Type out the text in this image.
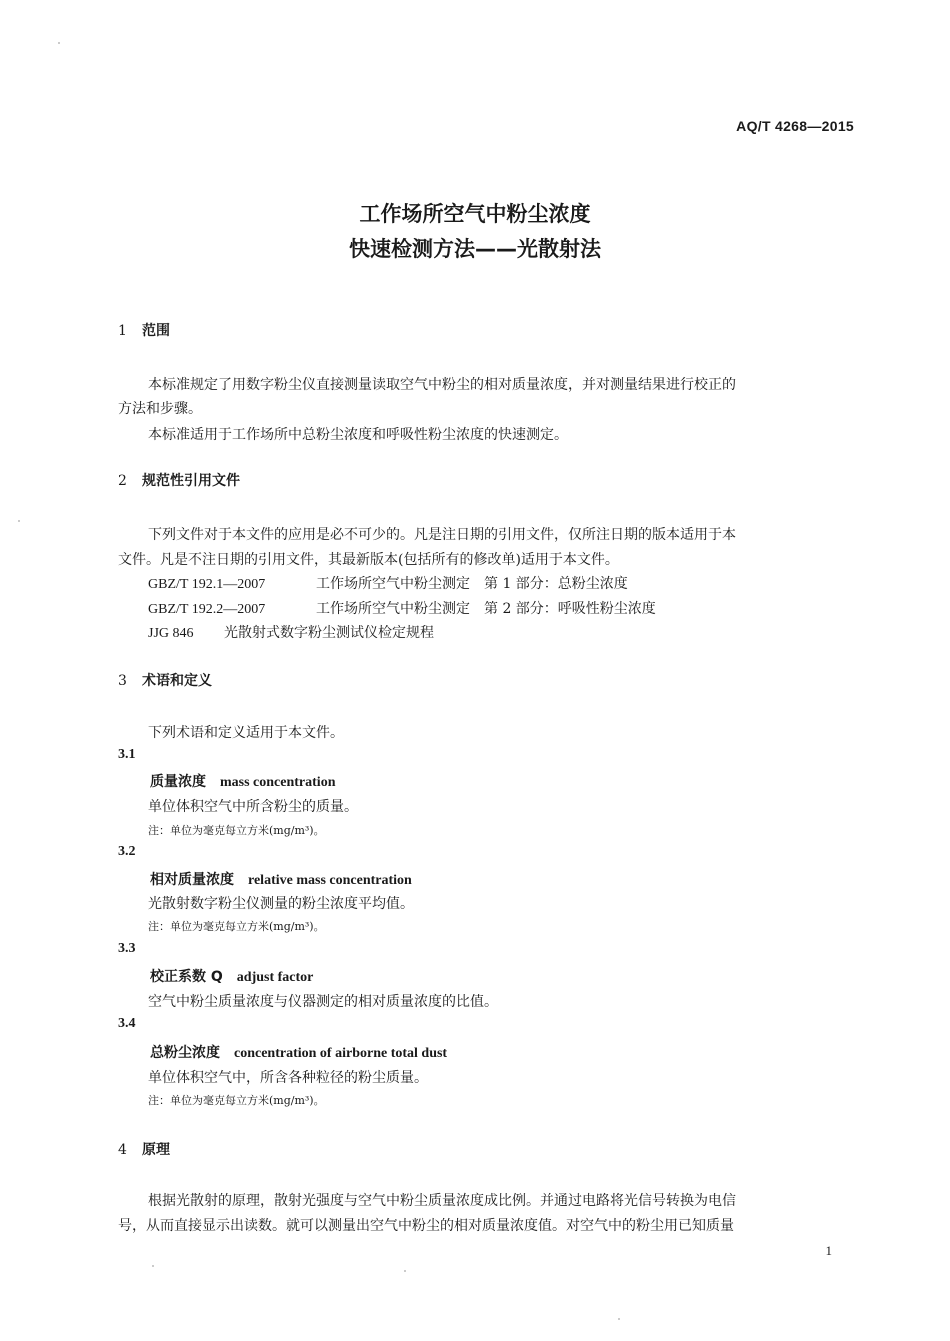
AQ/T 4268—2015
工作场所空气中粉尘浓度
快速检测方法——光散射法
1 范围
本标准规定了用数字粉尘仪直接测量读取空气中粉尘的相对质量浓度，并对测量结果进行校正的
方法和步骤。
本标准适用于工作场所中总粉尘浓度和呼吸性粉尘浓度的快速测定。
2 规范性引用文件
下列文件对于本文件的应用是必不可少的。凡是注日期的引用文件，仅所注日期的版本适用于本
文件。凡是不注日期的引用文件，其最新版本(包括所有的修改单)适用于本文件。
GBZ/T 192.1—2007	工作场所空气中粉尘测定　第 1 部分：总粉尘浓度
GBZ/T 192.2—2007	工作场所空气中粉尘测定　第 2 部分：呼吸性粉尘浓度
JJG 846 光散射式数字粉尘测试仪检定规程
3 术语和定义
下列术语和定义适用于本文件。
3.1
质量浓度 mass concentration
单位体积空气中所含粉尘的质量。
注：单位为毫克每立方米(mg/m³)。
3.2
相对质量浓度 relative mass concentration
光散射数字粉尘仪测量的粉尘浓度平均值。
注：单位为毫克每立方米(mg/m³)。
3.3
校正系数 Q adjust factor
空气中粉尘质量浓度与仪器测定的相对质量浓度的比值。
3.4
总粉尘浓度 concentration of airborne total dust
单位体积空气中，所含各种粒径的粉尘质量。
注：单位为毫克每立方米(mg/m³)。
4 原理
根据光散射的原理，散射光强度与空气中粉尘质量浓度成比例。并通过电路将光信号转换为电信
号，从而直接显示出读数。就可以测量出空气中粉尘的相对质量浓度值。对空气中的粉尘用已知质量
1
